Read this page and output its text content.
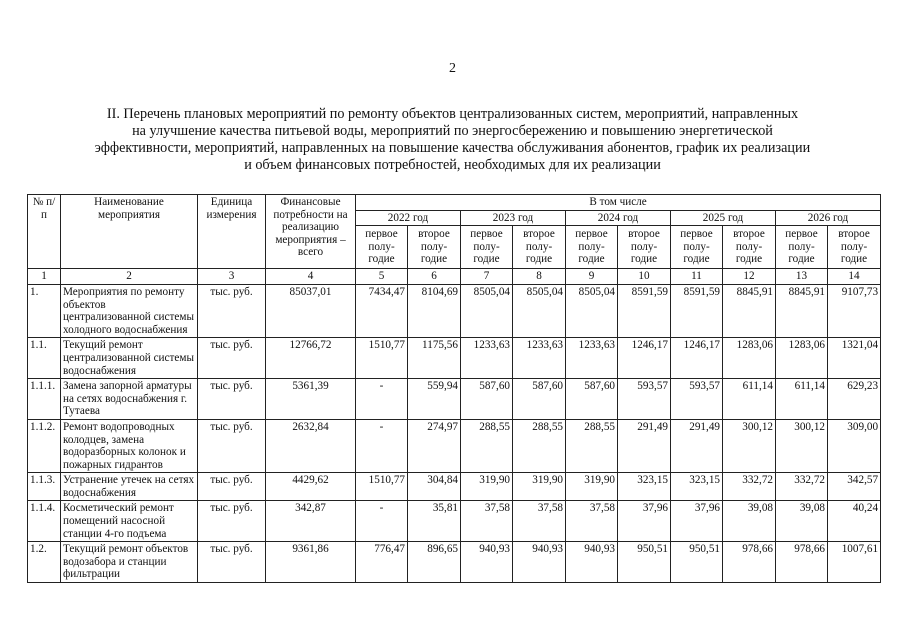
2
II. Перечень плановых мероприятий по ремонту объектов централизованных систем, мероприятий, направленных
на улучшение качества питьевой воды, мероприятий по энергосбережению и повышению энергетической
эффективности, мероприятий, направленных на повышение качества обслуживания абонентов, график их реализации
и объем финансовых потребностей, необходимых для их реализации
№ п/п	Наименование мероприятия	Единица измерения	Финансовые потребности на реализацию мероприятия – всего	В том числе									
				2022 год		2023 год		2024 год		2025 год		2026 год	
				первое полу-годие	второе полу-годие	первое полу-годие	второе полу-годие	первое полу-годие	второе полу-годие	первое полу-годие	второе полу-годие	первое полу-годие	второе полу-годие
1	2	3	4	5	6	7	8	9	10	11	12	13	14
1.	Мероприятия по ремонту объектов централизованной системы холодного водоснабжения	тыс. руб.	85037,01	7434,47	8104,69	8505,04	8505,04	8505,04	8591,59	8591,59	8845,91	8845,91	9107,73
1.1.	Текущий ремонт централизованной системы водоснабжения	тыс. руб.	12766,72	1510,77	1175,56	1233,63	1233,63	1233,63	1246,17	1246,17	1283,06	1283,06	1321,04
1.1.1.	Замена запорной арматуры на сетях водоснабжения г. Тутаева	тыс. руб.	5361,39	-	559,94	587,60	587,60	587,60	593,57	593,57	611,14	611,14	629,23
1.1.2.	Ремонт водопроводных колодцев, замена водоразборных колонок и пожарных гидрантов	тыс. руб.	2632,84	-	274,97	288,55	288,55	288,55	291,49	291,49	300,12	300,12	309,00
1.1.3.	Устранение утечек на сетях водоснабжения	тыс. руб.	4429,62	1510,77	304,84	319,90	319,90	319,90	323,15	323,15	332,72	332,72	342,57
1.1.4.	Косметический ремонт помещений насосной станции 4-го подъема	тыс. руб.	342,87	-	35,81	37,58	37,58	37,58	37,96	37,96	39,08	39,08	40,24
1.2.	Текущий ремонт объектов водозабора и станции фильтрации	тыс. руб.	9361,86	776,47	896,65	940,93	940,93	940,93	950,51	950,51	978,66	978,66	1007,61
